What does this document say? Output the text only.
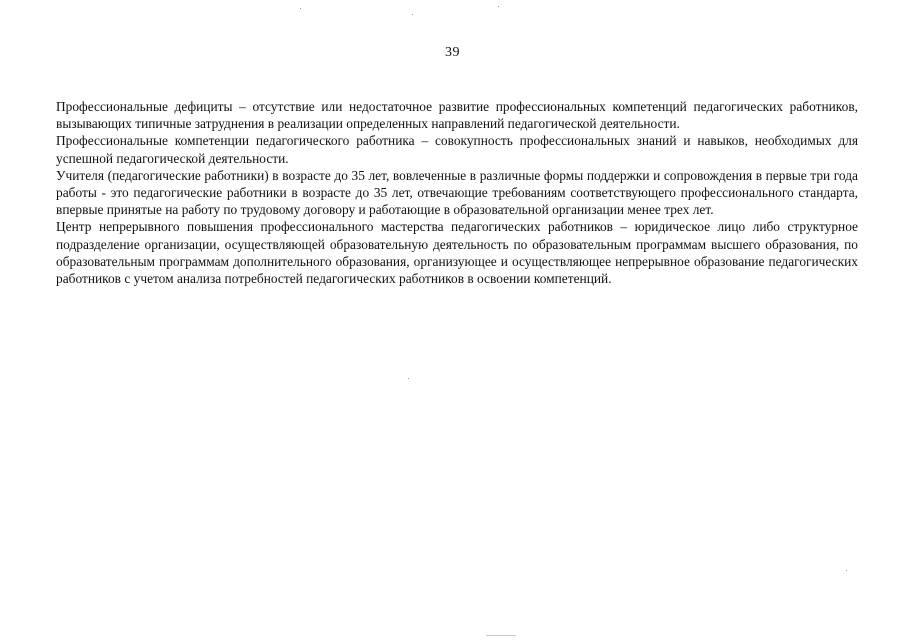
39

Профессиональные дефициты – отсутствие или недостаточное развитие профессиональных компетенций педагогических работников, вызывающих типичные затруднения в реализации определенных направлений педагогической деятельности.

Профессиональные компетенции педагогического работника – совокупность профессиональных знаний и навыков, необходимых для успешной педагогической деятельности.

Учителя (педагогические работники) в возрасте до 35 лет, вовлеченные в различные формы поддержки и сопровождения в первые три года работы - это педагогические работники в возрасте до 35 лет, отвечающие требованиям соответствующего профессионального стандарта, впервые принятые на работу по трудовому договору и работающие в образовательной организации менее трех лет.

Центр непрерывного повышения профессионального мастерства педагогических работников – юридическое лицо либо структурное подразделение организации, осуществляющей образовательную деятельность по образовательным программам высшего образования, по образовательным программам дополнительного образования, организующее и осуществляющее непрерывное образование педагогических работников с учетом анализа потребностей педагогических работников в освоении компетенций.
